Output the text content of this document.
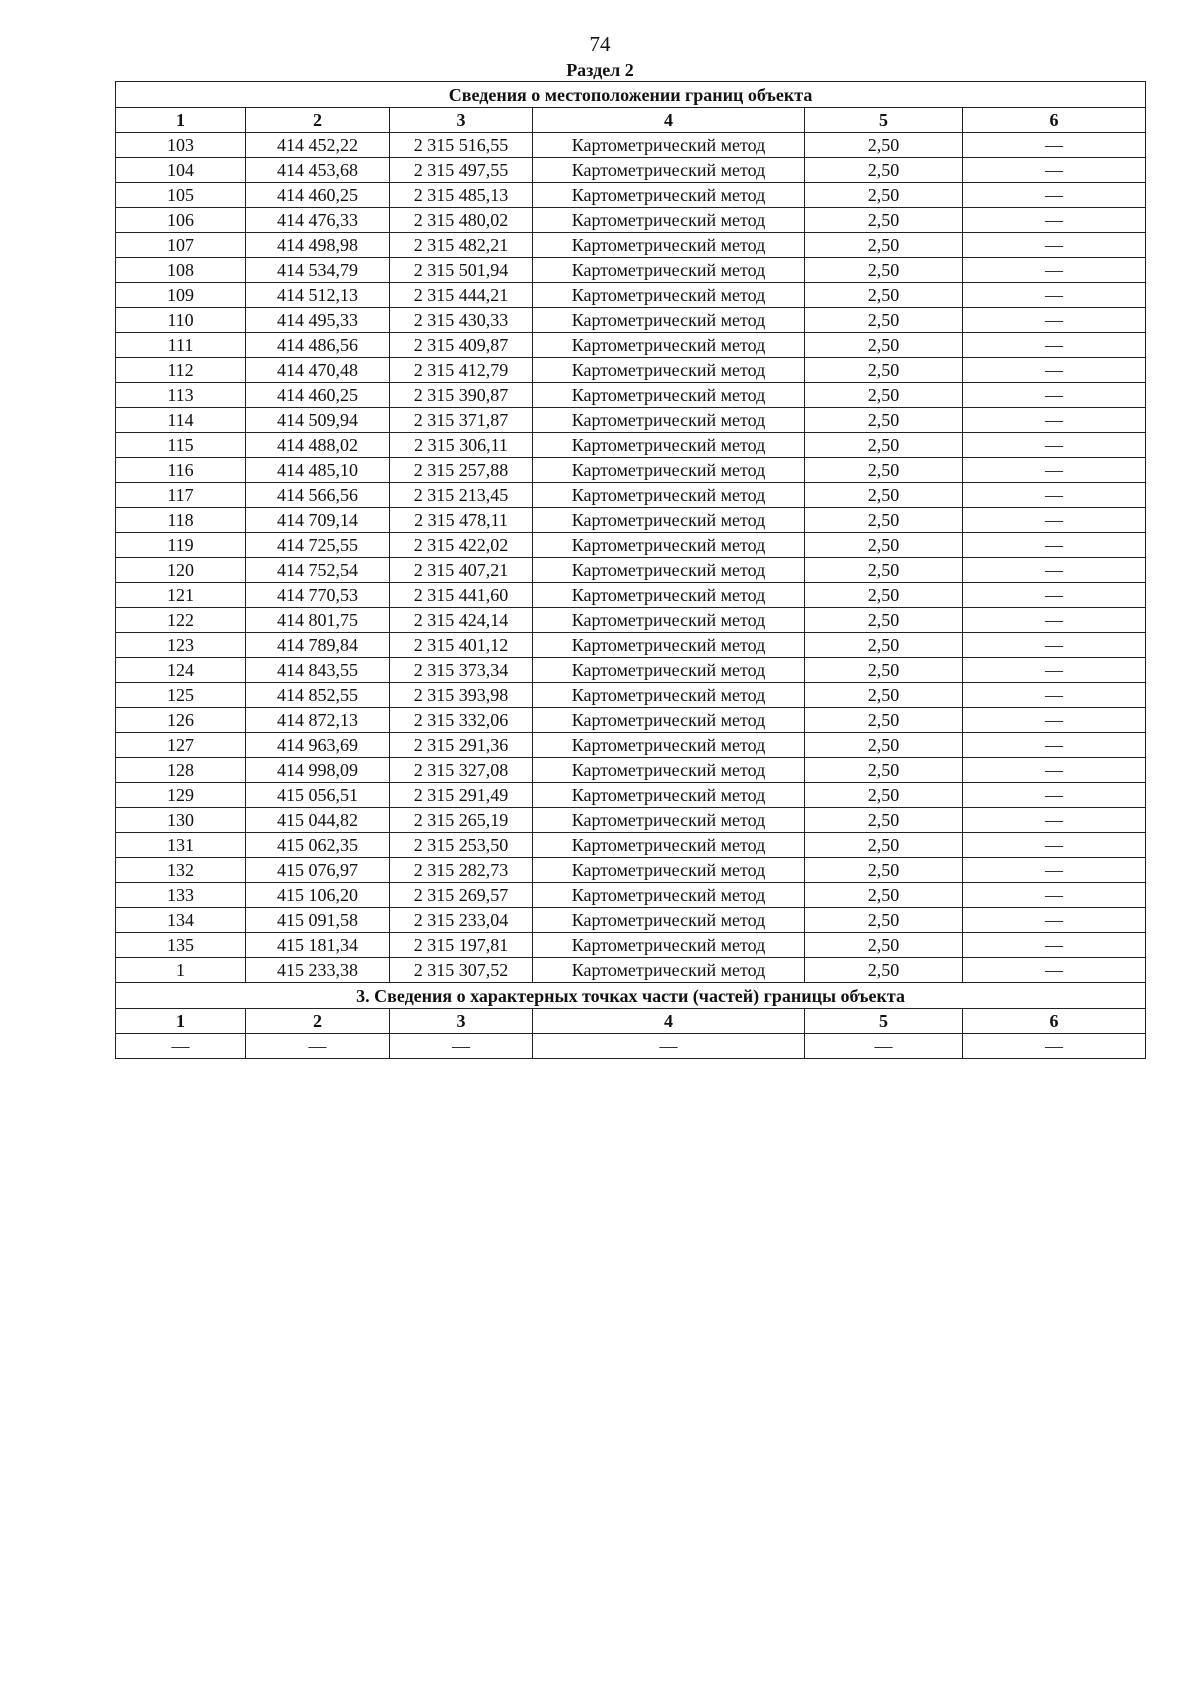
74
Раздел 2
Сведения о местоположении границ объекта					
1	2	3	4	5	6
103	414 452,22	2 315 516,55	Картометрический метод	2,50	—
104	414 453,68	2 315 497,55	Картометрический метод	2,50	—
105	414 460,25	2 315 485,13	Картометрический метод	2,50	—
106	414 476,33	2 315 480,02	Картометрический метод	2,50	—
107	414 498,98	2 315 482,21	Картометрический метод	2,50	—
108	414 534,79	2 315 501,94	Картометрический метод	2,50	—
109	414 512,13	2 315 444,21	Картометрический метод	2,50	—
110	414 495,33	2 315 430,33	Картометрический метод	2,50	—
111	414 486,56	2 315 409,87	Картометрический метод	2,50	—
112	414 470,48	2 315 412,79	Картометрический метод	2,50	—
113	414 460,25	2 315 390,87	Картометрический метод	2,50	—
114	414 509,94	2 315 371,87	Картометрический метод	2,50	—
115	414 488,02	2 315 306,11	Картометрический метод	2,50	—
116	414 485,10	2 315 257,88	Картометрический метод	2,50	—
117	414 566,56	2 315 213,45	Картометрический метод	2,50	—
118	414 709,14	2 315 478,11	Картометрический метод	2,50	—
119	414 725,55	2 315 422,02	Картометрический метод	2,50	—
120	414 752,54	2 315 407,21	Картометрический метод	2,50	—
121	414 770,53	2 315 441,60	Картометрический метод	2,50	—
122	414 801,75	2 315 424,14	Картометрический метод	2,50	—
123	414 789,84	2 315 401,12	Картометрический метод	2,50	—
124	414 843,55	2 315 373,34	Картометрический метод	2,50	—
125	414 852,55	2 315 393,98	Картометрический метод	2,50	—
126	414 872,13	2 315 332,06	Картометрический метод	2,50	—
127	414 963,69	2 315 291,36	Картометрический метод	2,50	—
128	414 998,09	2 315 327,08	Картометрический метод	2,50	—
129	415 056,51	2 315 291,49	Картометрический метод	2,50	—
130	415 044,82	2 315 265,19	Картометрический метод	2,50	—
131	415 062,35	2 315 253,50	Картометрический метод	2,50	—
132	415 076,97	2 315 282,73	Картометрический метод	2,50	—
133	415 106,20	2 315 269,57	Картометрический метод	2,50	—
134	415 091,58	2 315 233,04	Картометрический метод	2,50	—
135	415 181,34	2 315 197,81	Картометрический метод	2,50	—
1	415 233,38	2 315 307,52	Картометрический метод	2,50	—
3. Сведения о характерных точках части (частей) границы объекта					
1	2	3	4	5	6
—	—	—	—	—	—
